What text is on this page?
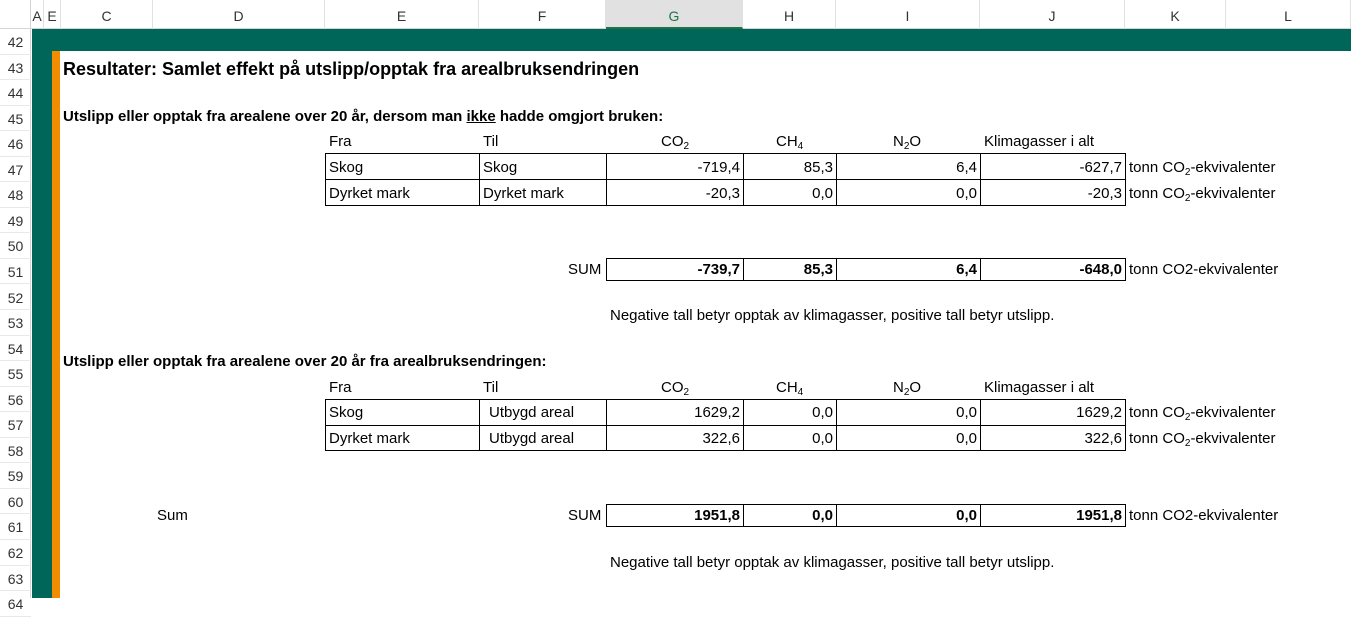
A E	C	D	E	F	G	H	I	J	K	L
42
43
44
45
46
47
48
49
50
51
52
53
54
55
56
57
58
59
60
61
62
63
64
Resultater: Samlet effekt på utslipp/opptak fra arealbruksendringen
Utslipp eller opptak fra arealene over 20 år, dersom man ikke hadde omgjort bruken:
Fra	Til	$CO_2$	$CH_4$	$N_2O$	Klimagasser i alt
Skog	Skog	-719,4	85,3	6,4	-627,7 tonn $CO_2$-ekvivalenter
Dyrket mark	Dyrket mark	-20,3	0,0	0,0	-20,3 tonn $CO_2$-ekvivalenter
SUM	-739,7	85,3	6,4	-648,0 tonn CO2-ekvivalenter
Negative tall betyr opptak av klimagasser, positive tall betyr utslipp.
Utslipp eller opptak fra arealene over 20 år fra arealbruksendringen:
Fra	Til	$CO_2$	$CH_4$	$N_2O$	Klimagasser i alt
Skog	Utbygd areal	1629,2	0,0	0,0	1629,2 tonn $CO_2$-ekvivalenter
Dyrket mark	Utbygd areal	322,6	0,0	0,0	322,6 tonn $CO_2$-ekvivalenter
Sum	SUM	1951,8	0,0	0,0	1951,8 tonn CO2-ekvivalenter
Negative tall betyr opptak av klimagasser, positive tall betyr utslipp.
